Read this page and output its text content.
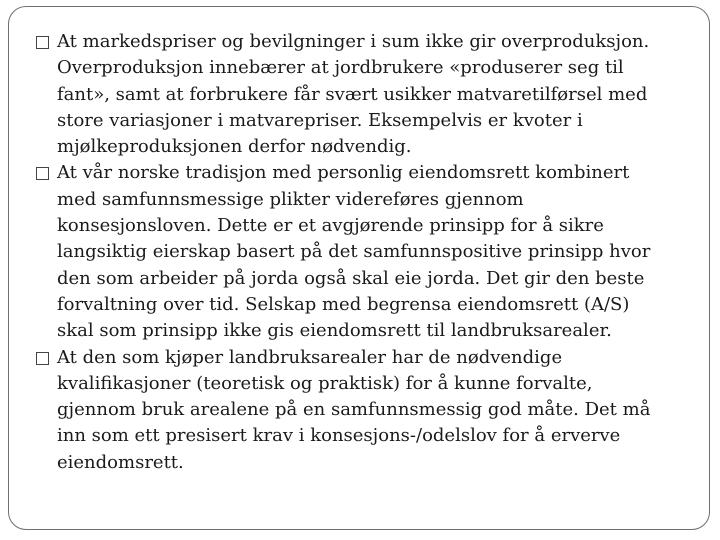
At markedspriser og bevilgninger i sum ikke gir overproduksjon.
Overproduksjon innebærer at jordbrukere «produserer seg til
fant», samt at forbrukere får svært usikker matvaretilførsel med
store variasjoner i matvarepriser. Eksempelvis er kvoter i
mjølkeproduksjonen derfor nødvendig.
At vår norske tradisjon med personlig eiendomsrett kombinert
med samfunnsmessige plikter videreføres gjennom
konsesjonsloven. Dette er et avgjørende prinsipp for å sikre
langsiktig eierskap basert på det samfunnspositive prinsipp hvor
den som arbeider på jorda også skal eie jorda. Det gir den beste
forvaltning over tid. Selskap med begrensa eiendomsrett (A/S)
skal som prinsipp ikke gis eiendomsrett til landbruksarealer.
At den som kjøper landbruksarealer har de nødvendige
kvalifikasjoner (teoretisk og praktisk) for å kunne forvalte,
gjennom bruk arealene på en samfunnsmessig god måte. Det må
inn som ett presisert krav i konsesjons-/odelslov for å erverve
eiendomsrett.
